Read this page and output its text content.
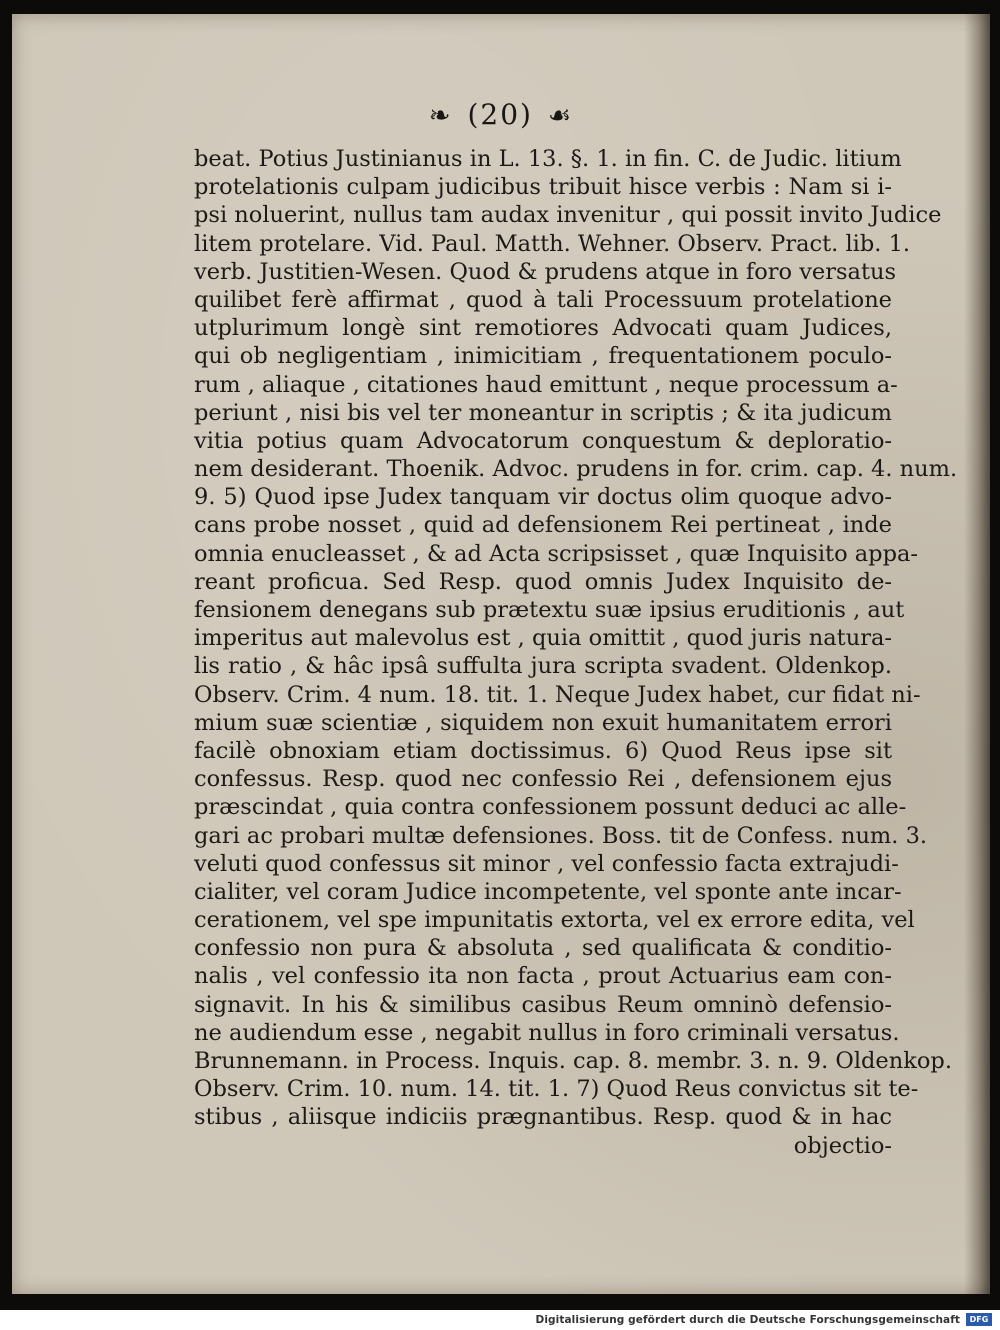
❧ (20) ☙
beat. Potius Justinianus in L. 13. §. 1. in fin. C. de Judic. litium
protelationis culpam judicibus tribuit hisce verbis : Nam si i-
psi noluerint, nullus tam audax invenitur , qui possit invito Judice
litem protelare. Vid. Paul. Matth. Wehner. Observ. Pract. lib. 1.
verb. Justitien-Wesen. Quod & prudens atque in foro versatus
quilibet ferè affirmat , quod à tali Processuum protelatione
utplurimum longè sint remotiores Advocati quam Judices,
qui ob negligentiam , inimicitiam , frequentationem poculo-
rum , aliaque , citationes haud emittunt , neque processum a-
periunt , nisi bis vel ter moneantur in scriptis ; & ita judicum
vitia potius quam Advocatorum conquestum & deploratio-
nem desiderant. Thoenik. Advoc. prudens in for. crim. cap. 4. num.
9. 5) Quod ipse Judex tanquam vir doctus olim quoque advo-
cans probe nosset , quid ad defensionem Rei pertineat , inde
omnia enucleasset , & ad Acta scripsisset , quæ Inquisito appa-
reant proficua. Sed Resp. quod omnis Judex Inquisito de-
fensionem denegans sub prætextu suæ ipsius eruditionis , aut
imperitus aut malevolus est , quia omittit , quod juris natura-
lis ratio , & hâc ipsâ suffulta jura scripta svadent. Oldenkop.
Observ. Crim. 4 num. 18. tit. 1. Neque Judex habet, cur fidat ni-
mium suæ scientiæ , siquidem non exuit humanitatem errori
facilè obnoxiam etiam doctissimus. 6) Quod Reus ipse sit
confessus. Resp. quod nec confessio Rei , defensionem ejus
præscindat , quia contra confessionem possunt deduci ac alle-
gari ac probari multæ defensiones. Boss. tit de Confess. num. 3.
veluti quod confessus sit minor , vel confessio facta extrajudi-
cialiter, vel coram Judice incompetente, vel sponte ante incar-
cerationem, vel spe impunitatis extorta, vel ex errore edita, vel
confessio non pura & absoluta , sed qualificata & conditio-
nalis , vel confessio ita non facta , prout Actuarius eam con-
signavit. In his & similibus casibus Reum omninò defensio-
ne audiendum esse , negabit nullus in foro criminali versatus.
Brunnemann. in Process. Inquis. cap. 8. membr. 3. n. 9. Oldenkop.
Observ. Crim. 10. num. 14. tit. 1. 7) Quod Reus convictus sit te-
stibus , aliisque indiciis prægnantibus. Resp. quod & in hac
objectio-
Digitalisierung gefördert durch die Deutsche Forschungsgemeinschaft	DFG
